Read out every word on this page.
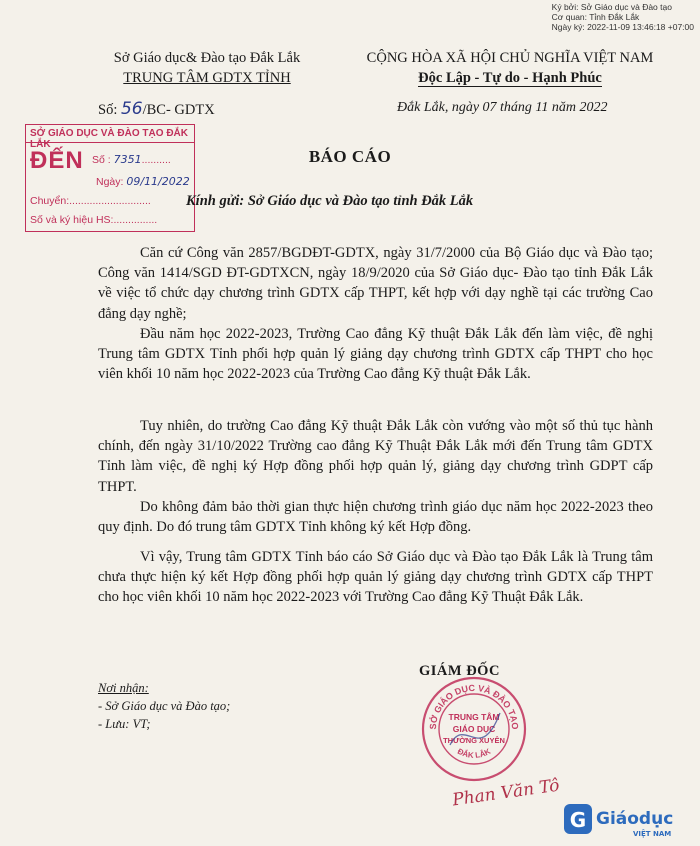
Ký bởi: Sở Giáo dục và Đào tạo
Cơ quan: Tỉnh Đắk Lắk
Ngày ký: 2022-11-09 13:46:18 +07:00
Sở Giáo dục& Đào tạo Đắk Lắk
TRUNG TÂM GDTX TỈNH
CỘNG HÒA XÃ HỘI CHỦ NGHĨA VIỆT NAM
Độc Lập - Tự do - Hạnh Phúc
Số: 56/BC- GDTX	Đắk Lắk, ngày 07 tháng 11 năm 2022
SỞ GIÁO DỤC VÀ ĐÀO TẠO ĐẮK LẮK
ĐẾN Số : 7351..........
Ngày: 09/11/2022
Chuyển:............................
Số và ký hiệu HS:...............
BÁO CÁO
Kính gửi: Sở Giáo dục và Đào tạo tỉnh Đắk Lắk
Căn cứ Công văn 2857/BGDĐT-GDTX, ngày 31/7/2000 của Bộ Giáo dục và Đào tạo; Công văn 1414/SGD ĐT-GDTXCN, ngày 18/9/2020 của Sở Giáo dục- Đào tạo tỉnh Đắk Lắk về việc tổ chức dạy chương trình GDTX cấp THPT, kết hợp với dạy nghề tại các trường Cao đẳng dạy nghề;
Đầu năm học 2022-2023, Trường Cao đẳng Kỹ thuật Đắk Lắk đến làm việc, đề nghị Trung tâm GDTX Tỉnh phối hợp quản lý giảng dạy chương trình GDTX cấp THPT cho học viên khối 10 năm học 2022-2023 của Trường Cao đẳng Kỹ thuật Đắk Lắk.
Tuy nhiên, do trường Cao đẳng Kỹ thuật Đắk Lắk còn vướng vào một số thủ tục hành chính, đến ngày 31/10/2022 Trường cao đẳng Kỹ Thuật Đắk Lắk mới đến Trung tâm GDTX Tỉnh làm việc, đề nghị ký Hợp đồng phối hợp quản lý, giảng dạy chương trình GDPT cấp THPT.
Do không đảm bảo thời gian thực hiện chương trình giáo dục năm học 2022-2023 theo quy định. Do đó trung tâm GDTX Tỉnh không ký kết Hợp đồng.
Vì vậy, Trung tâm GDTX Tỉnh báo cáo Sở Giáo dục và Đào tạo Đắk Lắk là Trung tâm chưa thực hiện ký kết Hợp đồng phối hợp quản lý giảng dạy chương trình GDTX cấp THPT cho học viên khối 10 năm học 2022-2023 với Trường Cao đẳng Kỹ Thuật Đắk Lắk.
GIÁM ĐỐC
SỞ GIÁO DỤC VÀ ĐÀO TẠO
TRUNG TÂM
GIÁO DỤC
THƯỜNG XUYÊN
ĐẮK LẮK
Phan Văn Tô
Nơi nhận:
- Sở Giáo dục và Đào tạo;
- Lưu: VT;
G Giáodục
VIỆT NAM
